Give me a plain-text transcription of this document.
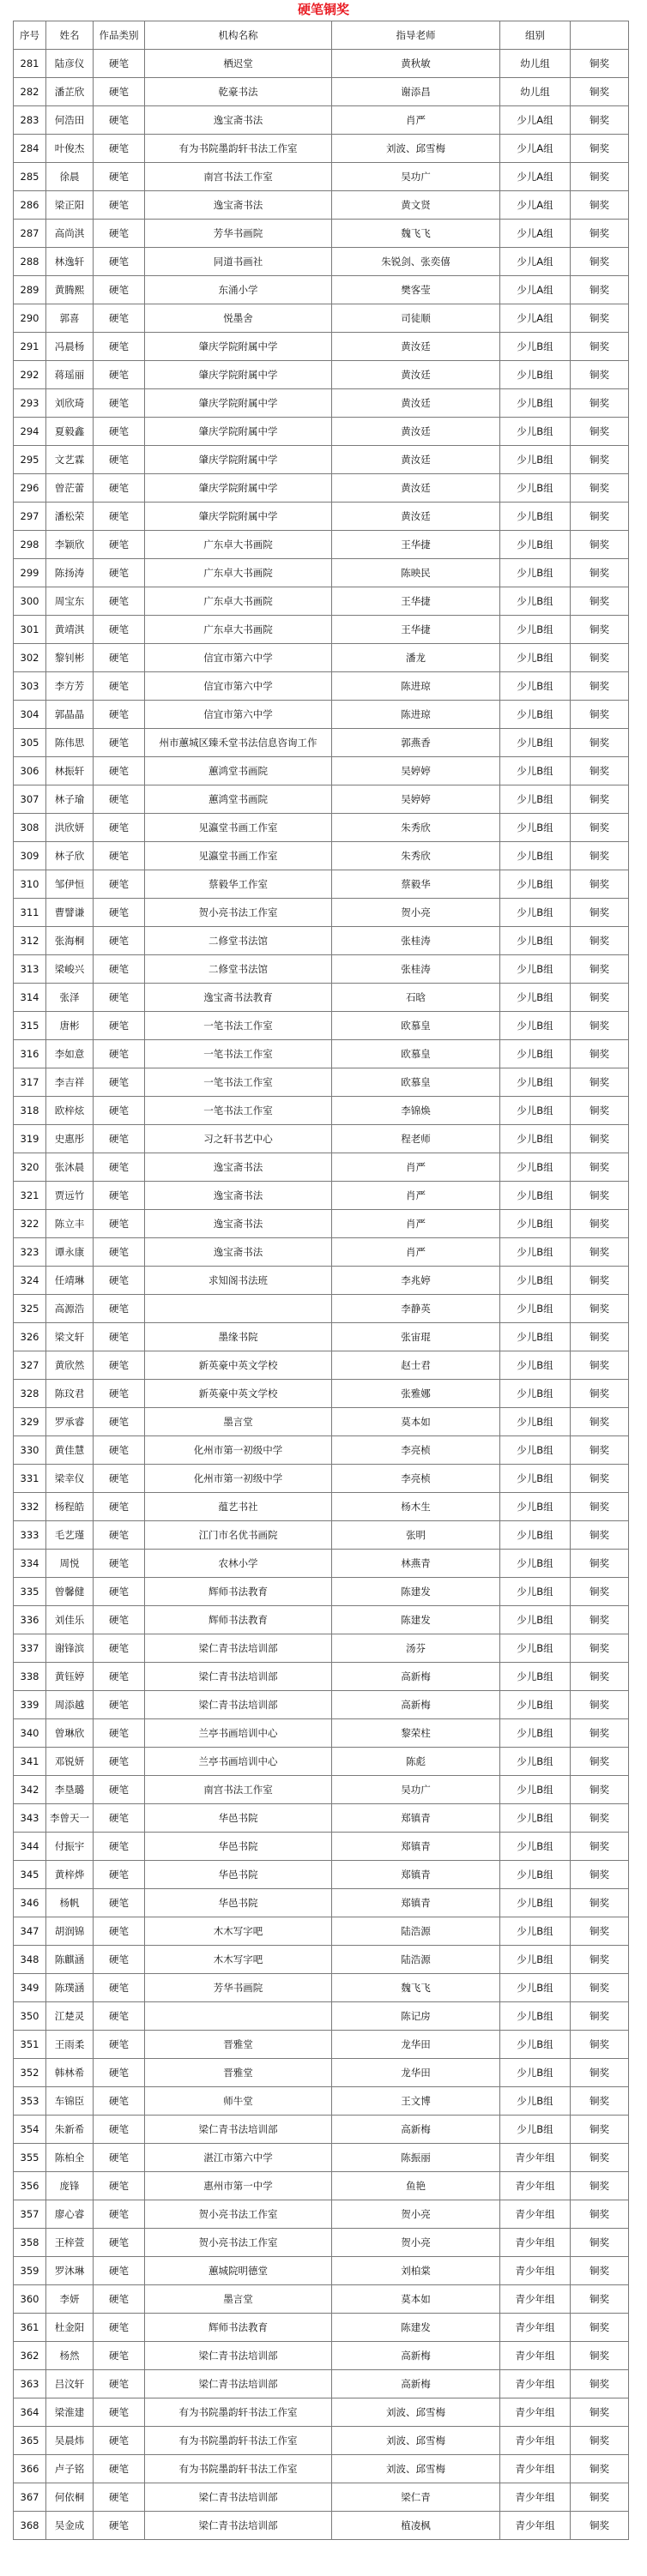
硬笔铜奖
序号	姓名	作品类别	机构名称	指导老师	组别	
281	陆彦仪	硬笔	栖迟堂	黄秋敏	幼儿组	铜奖
282	潘芷欣	硬笔	乾豪书法	谢添昌	幼儿组	铜奖
283	何浩田	硬笔	逸宝斋书法	肖严	少儿A组	铜奖
284	叶俊杰	硬笔	有为书院墨韵轩书法工作室	刘波、邱雪梅	少儿A组	铜奖
285	徐晨	硬笔	南宫书法工作室	吴功广	少儿A组	铜奖
286	梁正阳	硬笔	逸宝斋书法	黄文贤	少儿A组	铜奖
287	高尚淇	硬笔	芳华书画院	魏飞飞	少儿A组	铜奖
288	林逸轩	硬笔	同道书画社	朱锐剑、张奕僖	少儿A组	铜奖
289	黄腾熙	硬笔	东涌小学	樊客莹	少儿A组	铜奖
290	郭喜	硬笔	悦墨舍	司徒顺	少儿A组	铜奖
291	冯晨杨	硬笔	肇庆学院附属中学	黄汝廷	少儿B组	铜奖
292	蒋瑶丽	硬笔	肇庆学院附属中学	黄汝廷	少儿B组	铜奖
293	刘欣琦	硬笔	肇庆学院附属中学	黄汝廷	少儿B组	铜奖
294	夏毅鑫	硬笔	肇庆学院附属中学	黄汝廷	少儿B组	铜奖
295	文艺霖	硬笔	肇庆学院附属中学	黄汝廷	少儿B组	铜奖
296	曾茫蕾	硬笔	肇庆学院附属中学	黄汝廷	少儿B组	铜奖
297	潘松荣	硬笔	肇庆学院附属中学	黄汝廷	少儿B组	铜奖
298	李颖欣	硬笔	广东卓大书画院	王华捷	少儿B组	铜奖
299	陈扬涛	硬笔	广东卓大书画院	陈映民	少儿B组	铜奖
300	周宝东	硬笔	广东卓大书画院	王华捷	少儿B组	铜奖
301	黄靖淇	硬笔	广东卓大书画院	王华捷	少儿B组	铜奖
302	黎钊彬	硬笔	信宜市第六中学	潘龙	少儿B组	铜奖
303	李方芳	硬笔	信宜市第六中学	陈进琼	少儿B组	铜奖
304	郭晶晶	硬笔	信宜市第六中学	陈进琼	少儿B组	铜奖
305	陈伟思	硬笔	州市蕙城区臻禾堂书法信息咨询工作	郭燕香	少儿B组	铜奖
306	林振轩	硬笔	蕙鸿堂书画院	吴婷婷	少儿B组	铜奖
307	林子瑜	硬笔	蕙鸿堂书画院	吴婷婷	少儿B组	铜奖
308	洪欣妍	硬笔	见瀛堂书画工作室	朱秀欣	少儿B组	铜奖
309	林子欣	硬笔	见瀛堂书画工作室	朱秀欣	少儿B组	铜奖
310	邹伊恒	硬笔	蔡毅华工作室	蔡毅华	少儿B组	铜奖
311	曹譬谦	硬笔	贺小亮书法工作室	贺小亮	少儿B组	铜奖
312	张海桐	硬笔	二修堂书法馆	张桂涛	少儿B组	铜奖
313	梁峻兴	硬笔	二修堂书法馆	张桂涛	少儿B组	铜奖
314	张泽	硬笔	逸宝斋书法教育	石晗	少儿B组	铜奖
315	唐彬	硬笔	一笔书法工作室	欧慕皇	少儿B组	铜奖
316	李如意	硬笔	一笔书法工作室	欧慕皇	少儿B组	铜奖
317	李吉祥	硬笔	一笔书法工作室	欧慕皇	少儿B组	铜奖
318	欧梓炫	硬笔	一笔书法工作室	李锦焕	少儿B组	铜奖
319	史惠彤	硬笔	习之轩书艺中心	程老师	少儿B组	铜奖
320	张沐晨	硬笔	逸宝斋书法	肖严	少儿B组	铜奖
321	贾远竹	硬笔	逸宝斋书法	肖严	少儿B组	铜奖
322	陈立丰	硬笔	逸宝斋书法	肖严	少儿B组	铜奖
323	谭永康	硬笔	逸宝斋书法	肖严	少儿B组	铜奖
324	任靖琳	硬笔	求知阁书法班	李兆婷	少儿B组	铜奖
325	高源浩	硬笔		李静英	少儿B组	铜奖
326	梁文轩	硬笔	墨缘书院	张宙琨	少儿B组	铜奖
327	黄欣然	硬笔	新英豪中英文学校	赵士君	少儿B组	铜奖
328	陈玟君	硬笔	新英豪中英文学校	张雅娜	少儿B组	铜奖
329	罗承睿	硬笔	墨言堂	莫本如	少儿B组	铜奖
330	黄佳慧	硬笔	化州市第一初级中学	李亮桢	少儿B组	铜奖
331	梁幸仪	硬笔	化州市第一初级中学	李亮桢	少儿B组	铜奖
332	杨程皓	硬笔	蕴艺书社	杨木生	少儿B组	铜奖
333	毛艺瑾	硬笔	江门市名优书画院	张明	少儿B组	铜奖
334	周悦	硬笔	农林小学	林燕青	少儿B组	铜奖
335	曾馨健	硬笔	辉师书法教育	陈建发	少儿B组	铜奖
336	刘佳乐	硬笔	辉师书法教育	陈建发	少儿B组	铜奖
337	谢锋滨	硬笔	梁仁青书法培训部	汤芬	少儿B组	铜奖
338	黄钰婷	硬笔	梁仁青书法培训部	高新梅	少儿B组	铜奖
339	周添越	硬笔	梁仁青书法培训部	高新梅	少儿B组	铜奖
340	曾琳欣	硬笔	兰亭书画培训中心	黎荣柱	少儿B组	铜奖
341	邓锐妍	硬笔	兰亭书画培训中心	陈彪	少儿B组	铜奖
342	李垦璐	硬笔	南宫书法工作室	吴功广	少儿B组	铜奖
343	李曾天一	硬笔	华邑书院	郑镇青	少儿B组	铜奖
344	付振宇	硬笔	华邑书院	郑镇青	少儿B组	铜奖
345	黄梓烨	硬笔	华邑书院	郑镇青	少儿B组	铜奖
346	杨帆	硬笔	华邑书院	郑镇青	少儿B组	铜奖
347	胡润锦	硬笔	木木写字吧	陆浩源	少儿B组	铜奖
348	陈麒涵	硬笔	木木写字吧	陆浩源	少儿B组	铜奖
349	陈璞涵	硬笔	芳华书画院	魏飞飞	少儿B组	铜奖
350	江楚灵	硬笔		陈记房	少儿B组	铜奖
351	王雨柔	硬笔	晋雅堂	龙华田	少儿B组	铜奖
352	韩林希	硬笔	晋雅堂	龙华田	少儿B组	铜奖
353	车锦臣	硬笔	师牛堂	王文博	少儿B组	铜奖
354	朱新希	硬笔	梁仁青书法培训部	高新梅	少儿B组	铜奖
355	陈柏全	硬笔	湛江市第六中学	陈振丽	青少年组	铜奖
356	庞锋	硬笔	惠州市第一中学	鱼艳	青少年组	铜奖
357	廖心睿	硬笔	贺小亮书法工作室	贺小亮	青少年组	铜奖
358	王梓萱	硬笔	贺小亮书法工作室	贺小亮	青少年组	铜奖
359	罗沐琳	硬笔	蕙城院明德堂	刘柏棠	青少年组	铜奖
360	李妍	硬笔	墨言堂	莫本如	青少年组	铜奖
361	杜金阳	硬笔	辉师书法教育	陈建发	青少年组	铜奖
362	杨然	硬笔	梁仁青书法培训部	高新梅	青少年组	铜奖
363	吕汶轩	硬笔	梁仁青书法培训部	高新梅	青少年组	铜奖
364	梁淮建	硬笔	有为书院墨韵轩书法工作室	刘波、邱雪梅	青少年组	铜奖
365	吴晨炜	硬笔	有为书院墨韵轩书法工作室	刘波、邱雪梅	青少年组	铜奖
366	卢子铭	硬笔	有为书院墨韵轩书法工作室	刘波、邱雪梅	青少年组	铜奖
367	何依桐	硬笔	梁仁青书法培训部	梁仁青	青少年组	铜奖
368	吴金成	硬笔	梁仁青书法培训部	植凌枫	青少年组	铜奖
